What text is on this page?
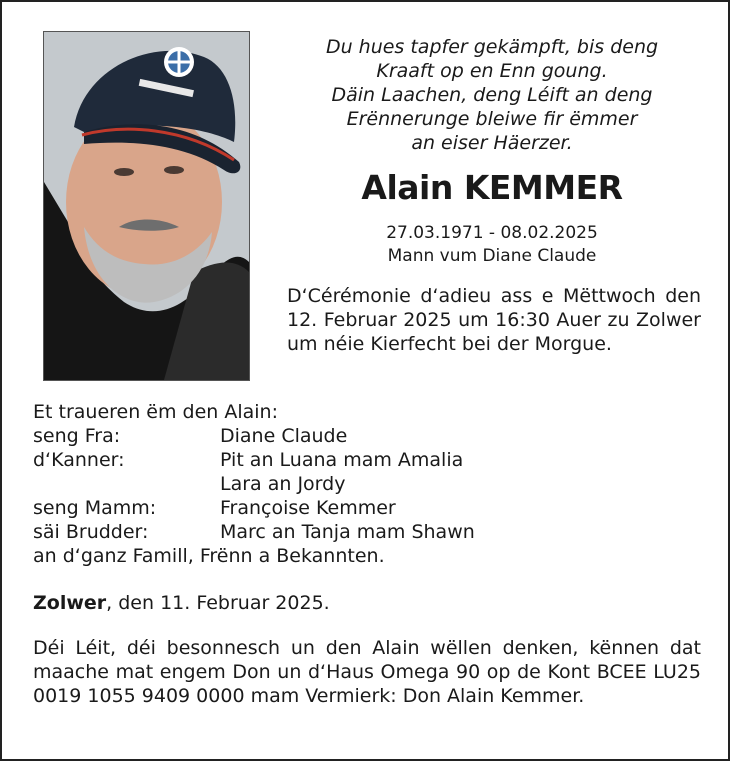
Du hues tapfer gekämpft, bis deng
Kraaft op en Enn goung.
Däin Laachen, deng Léift an deng
Erënnerunge bleiwe fir ëmmer
an eiser Häerzer.
Alain KEMMER
27.03.1971 - 08.02.2025
Mann vum Diane Claude
D‘Cérémonie d‘adieu ass e Mëttwoch den 12. Februar 2025 um 16:30 Auer zu Zolwer um néie Kierfecht bei der Morgue.
Et traueren ëm den Alain:
seng Fra:	Diane Claude
d‘Kanner:	Pit an Luana mam Amalia
Lara an Jordy
seng Mamm:	Françoise Kemmer
säi Brudder:	Marc an Tanja mam Shawn
an d‘ganz Famill, Frënn a Bekannten.
Zolwer, den 11. Februar 2025.
Déi Léit, déi besonnesch un den Alain wëllen denken, kënnen dat maache mat engem Don un d‘Haus Omega 90 op de Kont BCEE LU25 0019 1055 9409 0000 mam Vermierk: Don Alain Kemmer.
